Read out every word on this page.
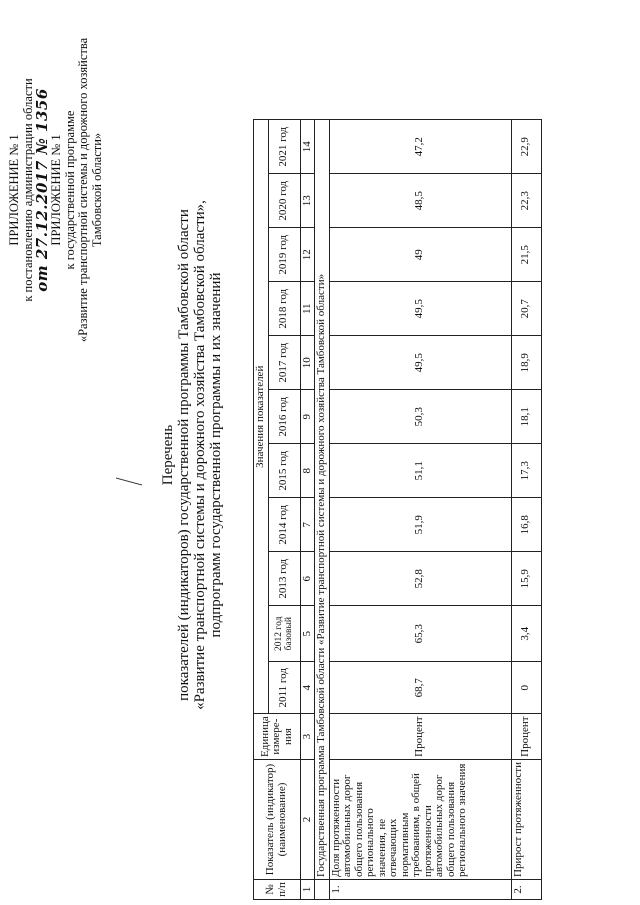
ПРИЛОЖЕНИЕ № 1 к постановлению администрации области
от 27.12.2017 № 1356
ПРИЛОЖЕНИЕ № 1 к государственной программе «Развитие транспортной системы и дорожного хозяйства Тамбовской области»
Перечень показателей (индикаторов) государственной программы Тамбовской области «Развитие транспортной системы и дорожного хозяйства Тамбовской области», подпрограмм государственной программы и их значений
№ п/п	Показатель (индикатор) (наименование)	Единица измере- ния	Значения показателей										
			2011 год	2012 год базовый	2013 год	2014 год	2015 год	2016 год	2017 год	2018 год	2019 год	2020 год	2021 год
1	2	3	4	5	6	7	8	9	10	11	12	13	14
	Государственная программа Тамбовской области «Развитие транспортной системы и дорожного хозяйства Тамбовской области»												
1.	Доля протяженности автомобильных дорог общего пользования регионального значения, не отвечающих нормативным требованиям, в общей протяженности автомобильных дорог общего пользования регионального значения	Процент	68,7	65,3	52,8	51,9	51,1	50,3	49,5	49,5	49	48,5	47,2
2.	Прирост протяженности	Процент	0	3,4	15,9	16,8	17,3	18,1	18,9	20,7	21,5	22,3	22,9
